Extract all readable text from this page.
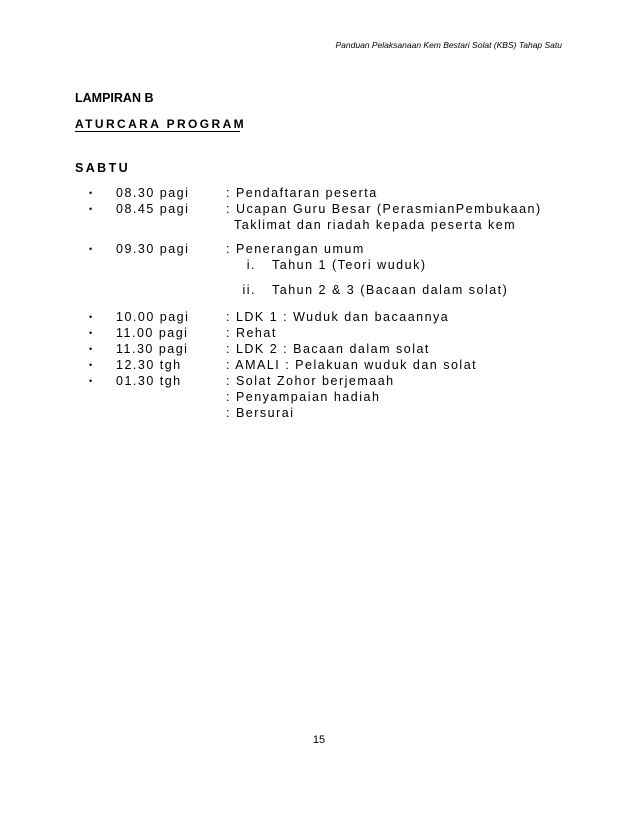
Panduan Pelaksanaan Kem Bestari Solat (KBS) Tahap Satu
LAMPIRAN B
ATURCARA PROGRAM
SABTU
• 08.30 pagi	: Pendaftaran peserta
• 08.45 pagi	: Ucapan Guru Besar (PerasmianPembukaan)
Taklimat dan riadah kepada peserta kem
• 09.30 pagi	: Penerangan umum
i. Tahun 1 (Teori wuduk)
ii. Tahun 2 & 3 (Bacaan dalam solat)
• 10.00 pagi	: LDK 1 : Wuduk dan bacaannya
• 11.00 pagi	: Rehat
• 11.30 pagi	: LDK 2 : Bacaan dalam solat
• 12.30 tgh	: AMALI : Pelakuan wuduk dan solat
• 01.30 tgh	: Solat Zohor berjemaah
: Penyampaian hadiah
: Bersurai
15
